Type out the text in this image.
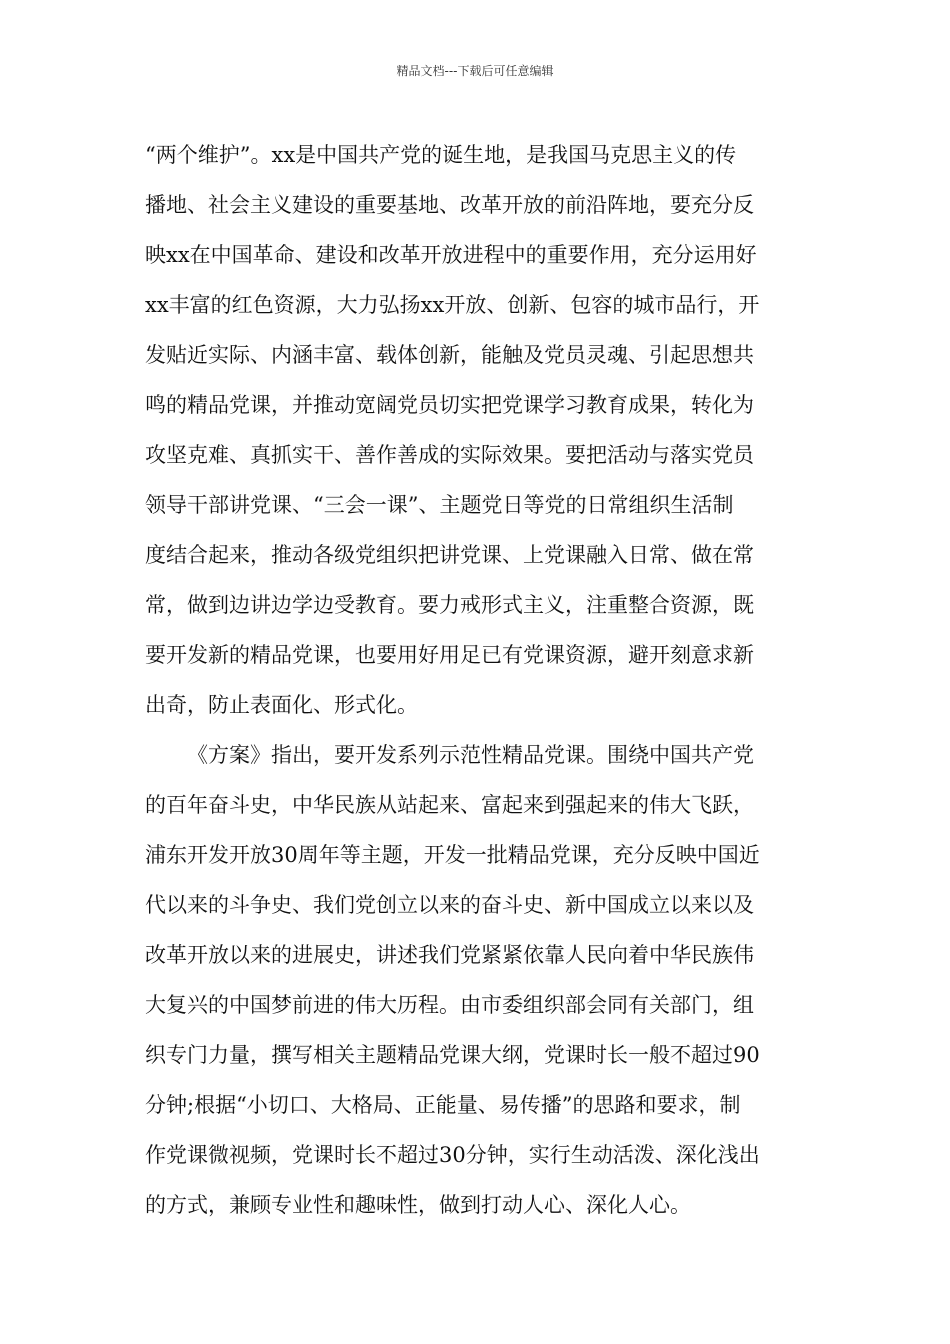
精品文档---下载后可任意编辑
“两个维护”。xx是中国共产党的诞生地，是我国马克思主义的传
播地、社会主义建设的重要基地、改革开放的前沿阵地，要充分反
映xx在中国革命、建设和改革开放进程中的重要作用，充分运用好
xx丰富的红色资源，大力弘扬xx开放、创新、包容的城市品行，开
发贴近实际、内涵丰富、载体创新，能触及党员灵魂、引起思想共
鸣的精品党课，并推动宽阔党员切实把党课学习教育成果，转化为
攻坚克难、真抓实干、善作善成的实际效果。要把活动与落实党员
领导干部讲党课、“三会一课”、主题党日等党的日常组织生活制
度结合起来，推动各级党组织把讲党课、上党课融入日常、做在常
常，做到边讲边学边受教育。要力戒形式主义，注重整合资源，既
要开发新的精品党课，也要用好用足已有党课资源，避开刻意求新
出奇，防止表面化、形式化。
《方案》指出，要开发系列示范性精品党课。围绕中国共产党
的百年奋斗史，中华民族从站起来、富起来到强起来的伟大飞跃，
浦东开发开放30周年等主题，开发一批精品党课，充分反映中国近
代以来的斗争史、我们党创立以来的奋斗史、新中国成立以来以及
改革开放以来的进展史，讲述我们党紧紧依靠人民向着中华民族伟
大复兴的中国梦前进的伟大历程。由市委组织部会同有关部门，组
织专门力量，撰写相关主题精品党课大纲，党课时长一般不超过90
分钟;根据“小切口、大格局、正能量、易传播”的思路和要求，制
作党课微视频，党课时长不超过30分钟，实行生动活泼、深化浅出
的方式，兼顾专业性和趣味性，做到打动人心、深化人心。
